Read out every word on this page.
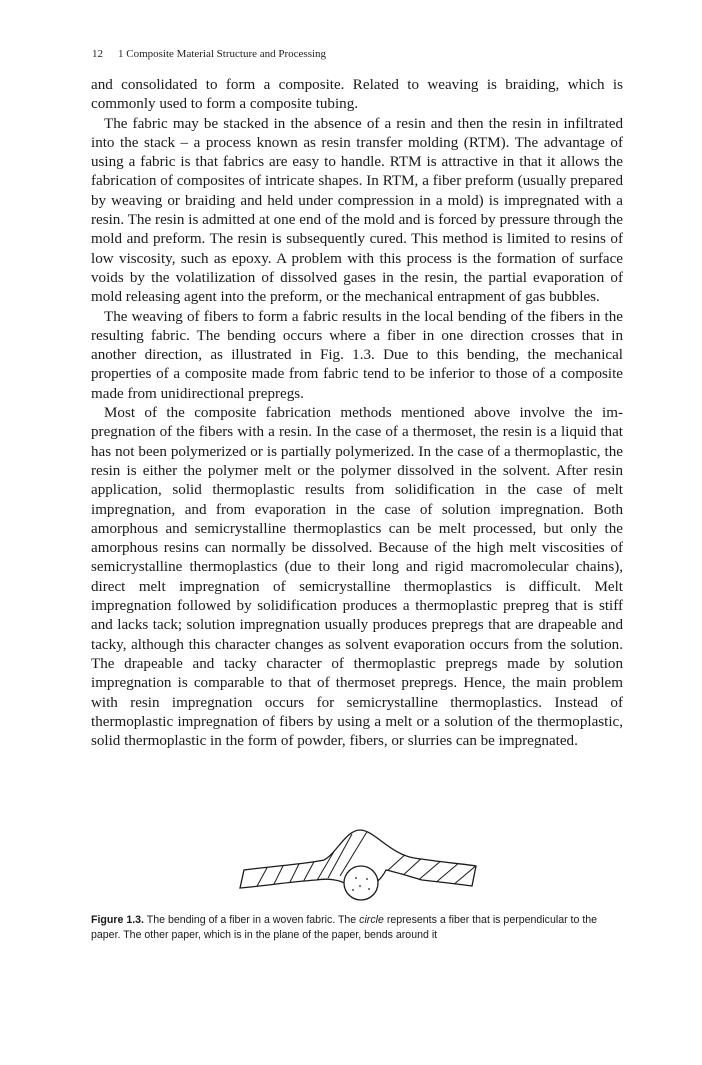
12 1 Composite Material Structure and Processing

and consolidated to form a composite. Related to weaving is braiding, which is commonly used to form a composite tubing.

The fabric may be stacked in the absence of a resin and then the resin in infiltrated into the stack – a process known as resin transfer molding (RTM). The advantage of using a fabric is that fabrics are easy to handle. RTM is attractive in that it allows the fabrication of composites of intricate shapes. In RTM, a fiber preform (usually prepared by weaving or braiding and held under compression in a mold) is impregnated with a resin. The resin is admitted at one end of the mold and is forced by pressure through the mold and preform. The resin is subsequently cured. This method is limited to resins of low viscosity, such as epoxy. A problem with this process is the formation of surface voids by the volatilization of dissolved gases in the resin, the partial evaporation of mold releasing agent into the preform, or the mechanical entrapment of gas bubbles.

The weaving of fibers to form a fabric results in the local bending of the fibers in the resulting fabric. The bending occurs where a fiber in one direction crosses that in another direction, as illustrated in Fig. 1.3. Due to this bending, the mechanical properties of a composite made from fabric tend to be inferior to those of a composite made from unidirectional prepregs.

Most of the composite fabrication methods mentioned above involve the impregnation of the fibers with a resin. In the case of a thermoset, the resin is a liquid that has not been polymerized or is partially polymerized. In the case of a thermoplastic, the resin is either the polymer melt or the polymer dissolved in the solvent. After resin application, solid thermoplastic results from solidification in the case of melt impregnation, and from evaporation in the case of solution impregnation. Both amorphous and semicrystalline thermoplastics can be melt processed, but only the amorphous resins can normally be dissolved. Because of the high melt viscosities of semicrystalline thermoplastics (due to their long and rigid macromolecular chains), direct melt impregnation of semicrystalline thermoplastics is difficult. Melt impregnation followed by solidification produces a thermoplastic prepreg that is stiff and lacks tack; solution impregnation usually produces prepregs that are drapeable and tacky, although this character changes as solvent evaporation occurs from the solution. The drapeable and tacky character of thermoplastic prepregs made by solution impregnation is comparable to that of thermoset prepregs. Hence, the main problem with resin impregnation occurs for semicrystalline thermoplastics. Instead of thermoplastic impregnation of fibers by using a melt or a solution of the thermoplastic, solid thermoplastic in the form of powder, fibers, or slurries can be impregnated.

Figure 1.3. The bending of a fiber in a woven fabric. The circle represents a fiber that is perpendicular to the paper. The other paper, which is in the plane of the paper, bends around it
